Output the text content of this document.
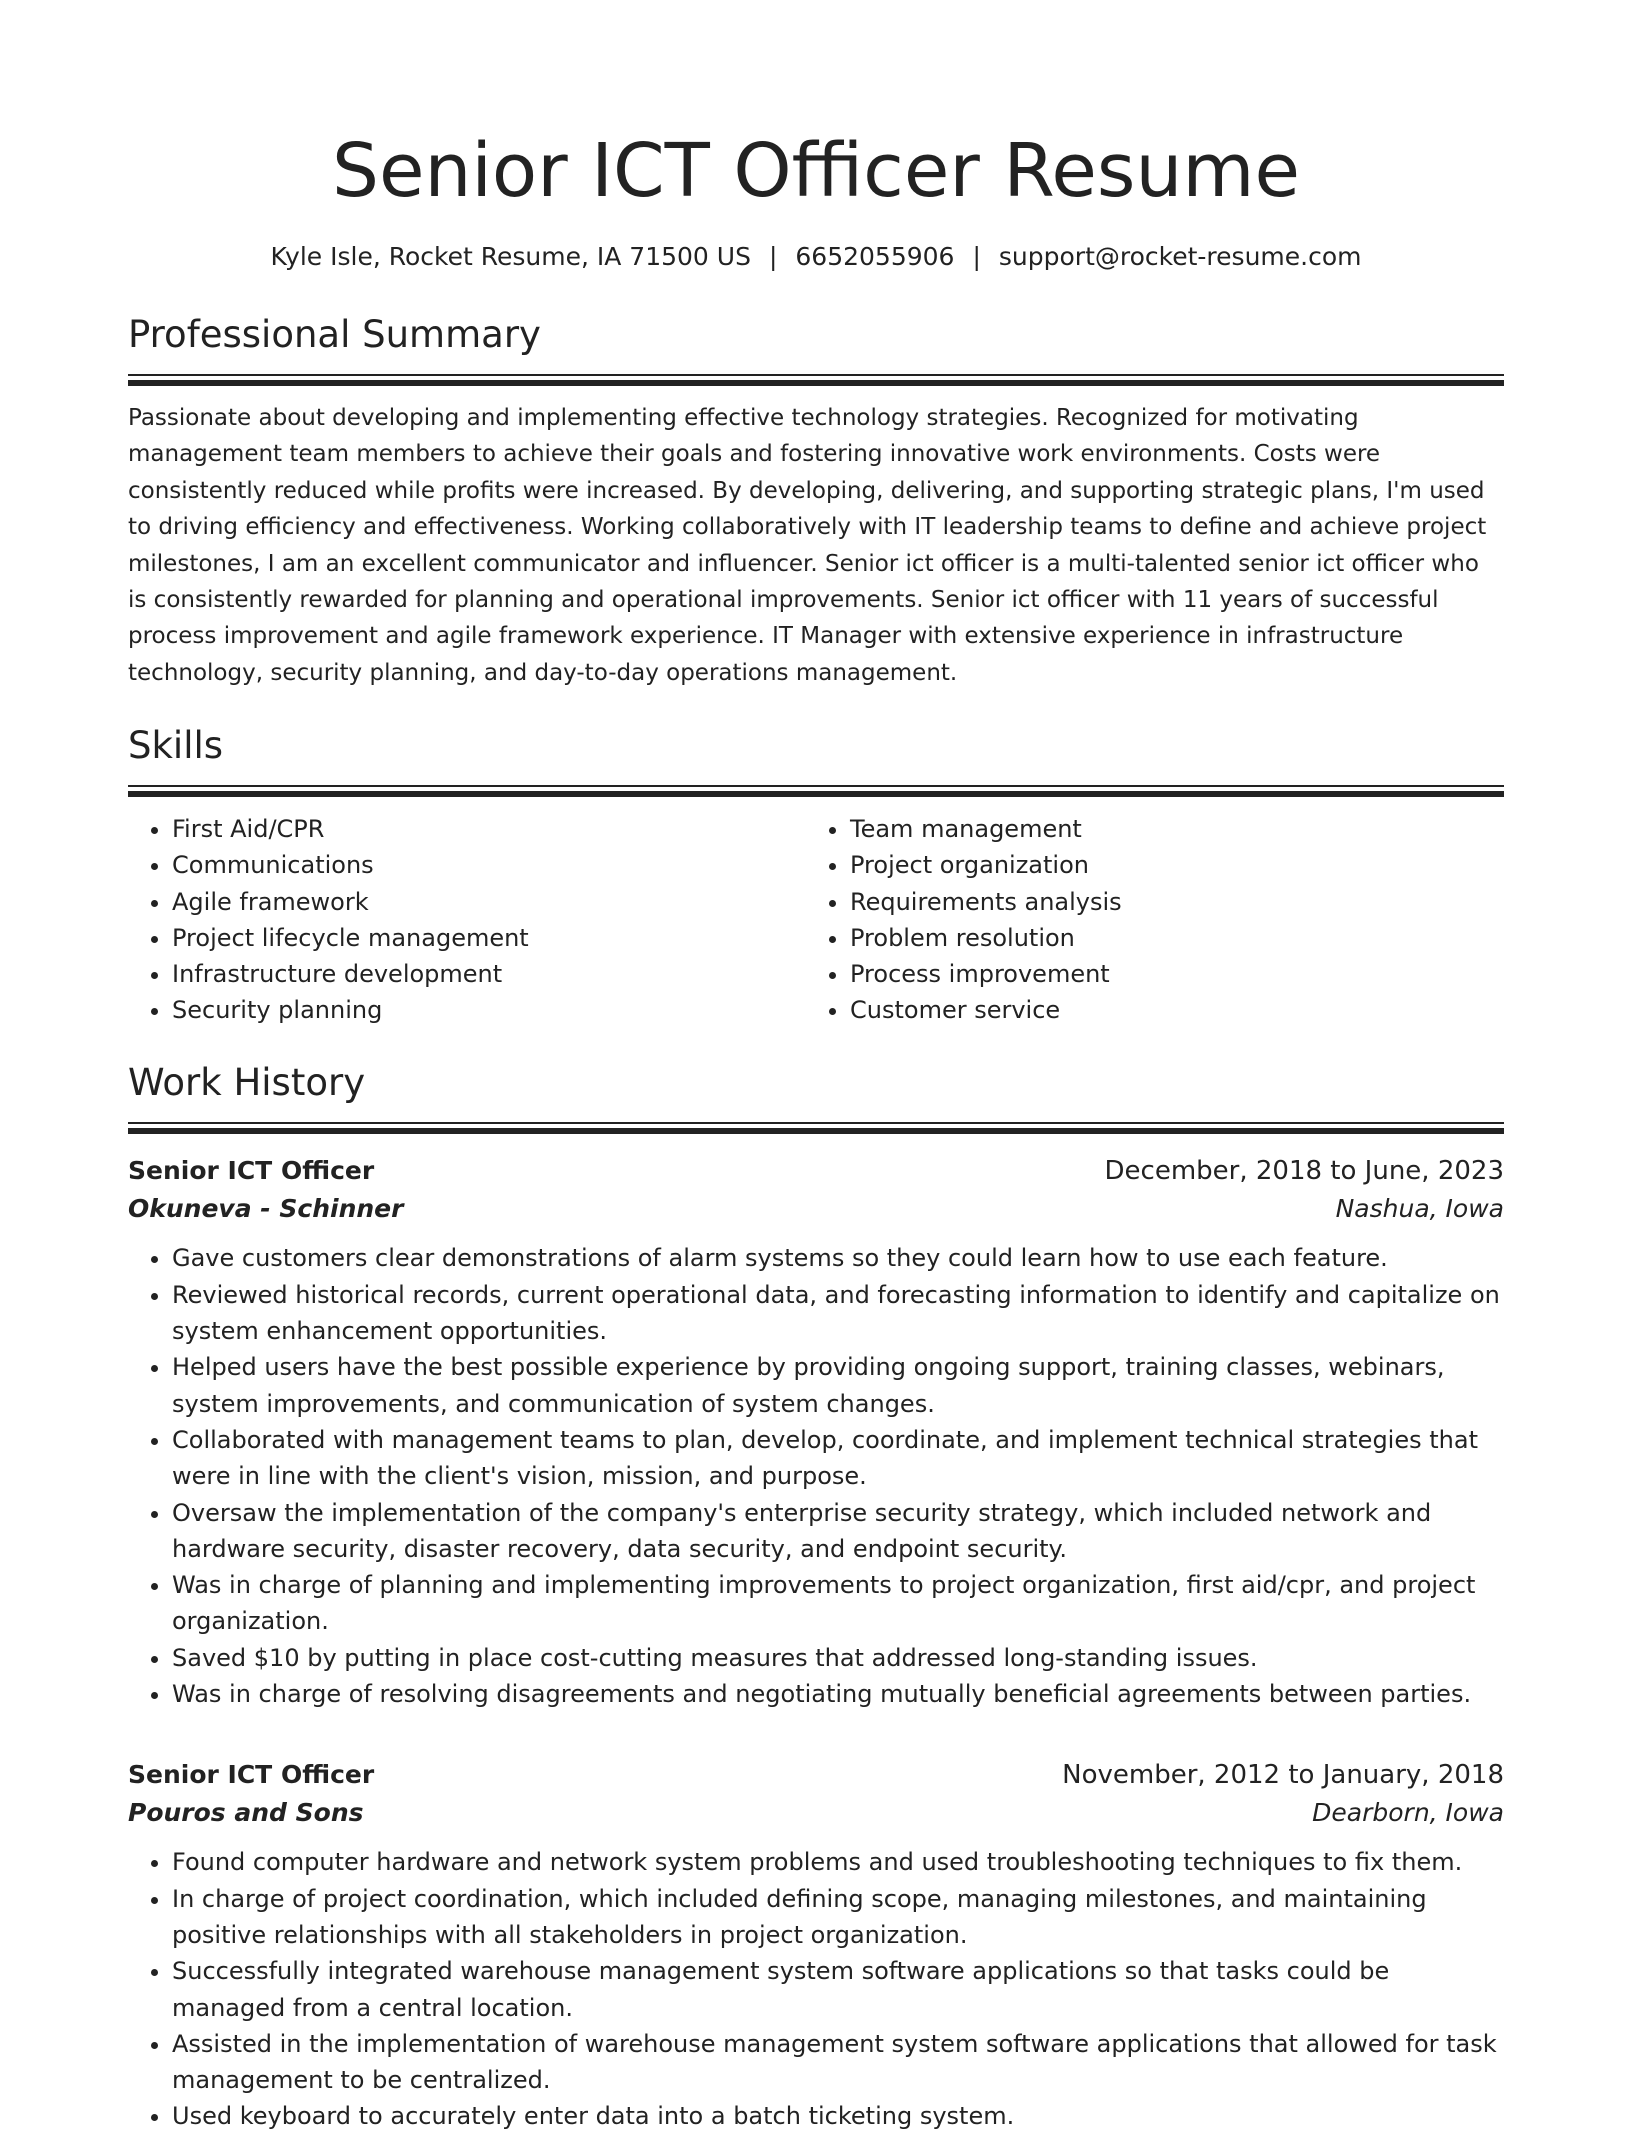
Senior ICT Officer Resume
Kyle Isle, Rocket Resume, IA 71500 US | 6652055906 | support@rocket-resume.com
Professional Summary

Passionate about developing and implementing effective technology strategies. Recognized for motivating management team members to achieve their goals and fostering innovative work environments. Costs were consistently reduced while profits were increased. By developing, delivering, and supporting strategic plans, I'm used to driving efficiency and effectiveness. Working collaboratively with IT leadership teams to define and achieve project milestones, I am an excellent communicator and influencer. Senior ict officer is a multi-talented senior ict officer who is consistently rewarded for planning and operational improvements. Senior ict officer with 11 years of successful process improvement and agile framework experience. IT Manager with extensive experience in infrastructure technology, security planning, and day-to-day operations management.

Skills
• First Aid/CPR
• Communications
• Agile framework
• Project lifecycle management
• Infrastructure development
• Security planning
• Team management
• Project organization
• Requirements analysis
• Problem resolution
• Process improvement
• Customer service
Work History
Senior ICT Officer	December, 2018 to June, 2023
Okuneva - Schinner	Nashua, Iowa
• Gave customers clear demonstrations of alarm systems so they could learn how to use each feature.
• Reviewed historical records, current operational data, and forecasting information to identify and capitalize on system enhancement opportunities.
• Helped users have the best possible experience by providing ongoing support, training classes, webinars, system improvements, and communication of system changes.
• Collaborated with management teams to plan, develop, coordinate, and implement technical strategies that were in line with the client's vision, mission, and purpose.
• Oversaw the implementation of the company's enterprise security strategy, which included network and hardware security, disaster recovery, data security, and endpoint security.
• Was in charge of planning and implementing improvements to project organization, first aid/cpr, and project organization.
• Saved $10 by putting in place cost-cutting measures that addressed long-standing issues.
• Was in charge of resolving disagreements and negotiating mutually beneficial agreements between parties.
Senior ICT Officer	November, 2012 to January, 2018
Pouros and Sons	Dearborn, Iowa
• Found computer hardware and network system problems and used troubleshooting techniques to fix them.
• In charge of project coordination, which included defining scope, managing milestones, and maintaining positive relationships with all stakeholders in project organization.
• Successfully integrated warehouse management system software applications so that tasks could be managed from a central location.
• Assisted in the implementation of warehouse management system software applications that allowed for task management to be centralized.
• Used keyboard to accurately enter data into a batch ticketing system.
